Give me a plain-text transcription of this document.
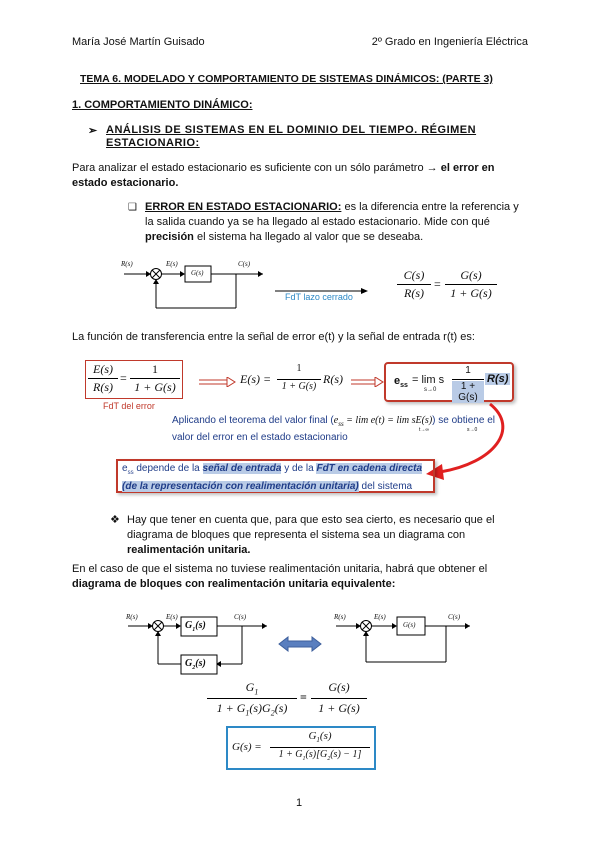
María José Martín Guisado	2º Grado en Ingeniería Eléctrica
TEMA 6. MODELADO Y COMPORTAMIENTO DE SISTEMAS DINÁMICOS: (PARTE 3)
1. COMPORTAMIENTO DINÁMICO:
➢ ANÁLISIS DE SISTEMAS EN EL DOMINIO DEL TIEMPO. RÉGIMEN ESTACIONARIO:
Para analizar el estado estacionario es suficiente con un sólo parámetro → el error en estado estacionario.
❑ ERROR EN ESTADO ESTACIONARIO: es la diferencia entre la referencia y la salida cuando ya se ha llegado al estado estacionario. Mide con qué precisión el sistema ha llegado al valor que se deseaba.
R(s)	E(s)
G(s)
C(s)
FdT lazo cerrado
C(s)
R(s)
=
G(s)
1 + G(s)
La función de transferencia entre la señal de error e(t) y la señal de entrada r(t) es:
E(s)
R(s)
=
1
1 + G(s)
FdT del error
E(s) =
1
1 + G(s)
R(s)	$e_{ss} = \lim s$
s→0
1
1 + G(s)
R(s)
Aplicando el teorema del valor final $(e_{ss} = \lim e(t) = \lim sE(s))$ se obtiene el valor del error en el estado estacionario
t→∞	s→0
$e_{ss}$ depende de la señal de entrada y de la FdT en cadena directa
(de la representación con realimentación unitaria) del sistema
❖ Hay que tener en cuenta que, para que esto sea cierto, es necesario que el diagrama de bloques que representa el sistema sea un diagrama con realimentación unitaria.
En el caso de que el sistema no tuviese realimentación unitaria, habrá que obtener el diagrama de bloques con realimentación unitaria equivalente:
R(s)	E(s)
$G_1(s)$
$G_2(s)$
C(s)	R(s)	E(s)
G(s)
C(s)
$G_1$
$1 + G_1(s)G_2(s)$
=
G(s)
1 + G(s)
G(s) =
$G_1(s)$
$1 + G_1(s)[G_2(s) - 1]$
1
